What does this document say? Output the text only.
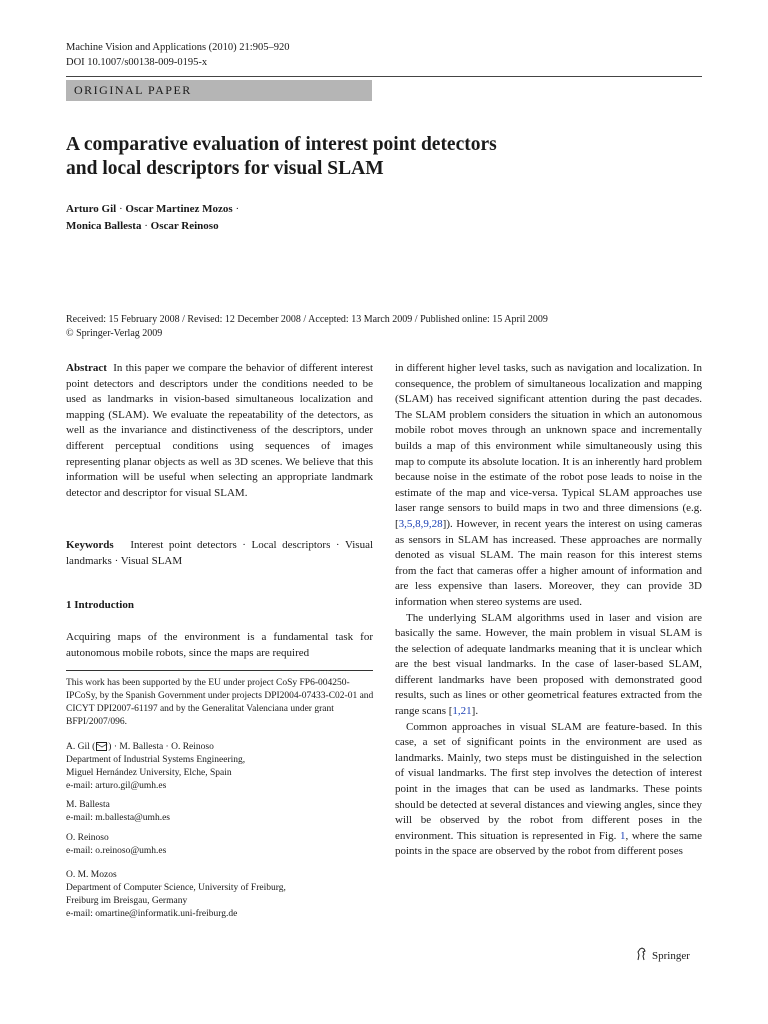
Machine Vision and Applications (2010) 21:905–920
DOI 10.1007/s00138-009-0195-x
ORIGINAL PAPER
A comparative evaluation of interest point detectors
and local descriptors for visual SLAM
Arturo Gil · Oscar Martinez Mozos ·
Monica Ballesta · Oscar Reinoso
Received: 15 February 2008 / Revised: 12 December 2008 / Accepted: 13 March 2009 / Published online: 15 April 2009
© Springer-Verlag 2009

Abstract In this paper we compare the behavior of different interest point detectors and descriptors under the conditions needed to be used as landmarks in vision-based simultaneous localization and mapping (SLAM). We evaluate the repeatability of the detectors, as well as the invariance and distinctiveness of the descriptors, under different perceptual conditions using sequences of images representing planar objects as well as 3D scenes. We believe that this information will be useful when selecting an appropriate landmark detector and descriptor for visual SLAM.

Keywords Interest point detectors · Local descriptors · Visual landmarks · Visual SLAM

1 Introduction

Acquiring maps of the environment is a fundamental task for autonomous mobile robots, since the maps are required

This work has been supported by the EU under project CoSy FP6-004250-IPCoSy, by the Spanish Government under projects DPI2004-07433-C02-01 and CICYT DPI2007-61197 and by the Generalitat Valenciana under grant BFPI/2007/096.
A. Gil ( ) · M. Ballesta · O. Reinoso
Department of Industrial Systems Engineering,
Miguel Hernández University, Elche, Spain
e-mail: arturo.gil@umh.es
M. Ballesta
e-mail: m.ballesta@umh.es
O. Reinoso
e-mail: o.reinoso@umh.es
O. M. Mozos
Department of Computer Science, University of Freiburg,
Freiburg im Breisgau, Germany
e-mail: omartine@informatik.uni-freiburg.de

in different higher level tasks, such as navigation and localization. In consequence, the problem of simultaneous localization and mapping (SLAM) has received significant attention during the past decades. The SLAM problem considers the situation in which an autonomous mobile robot moves through an unknown space and incrementally builds a map of this environment while simultaneously using this map to compute its absolute location. It is an inherently hard problem because noise in the estimate of the robot pose leads to noise in the estimate of the map and vice-versa. Typical SLAM approaches use laser range sensors to build maps in two and three dimensions (e.g. [3,5,8,9,28]). However, in recent years the interest on using cameras as sensors in SLAM has increased. These approaches are normally denoted as visual SLAM. The main reason for this interest stems from the fact that cameras offer a higher amount of information and are less expensive than lasers. Moreover, they can provide 3D information when stereo systems are used.

The underlying SLAM algorithms used in laser and vision are basically the same. However, the main problem in visual SLAM is the selection of adequate landmarks meaning that it is unclear which are the best visual landmarks. In the case of laser-based SLAM, different landmarks have been proposed with demonstrated good results, such as lines or other geometrical features extracted from the range scans [1,21].

Common approaches in visual SLAM are feature-based. In this case, a set of significant points in the environment are used as landmarks. Mainly, two steps must be distinguished in the selection of visual landmarks. The first step involves the detection of interest point in the images that can be used as landmarks. These points should be detected at several distances and viewing angles, since they will be observed by the robot from different poses in the environment. This situation is represented in Fig. 1, where the same points in the space are observed by the robot from different poses

Springer
